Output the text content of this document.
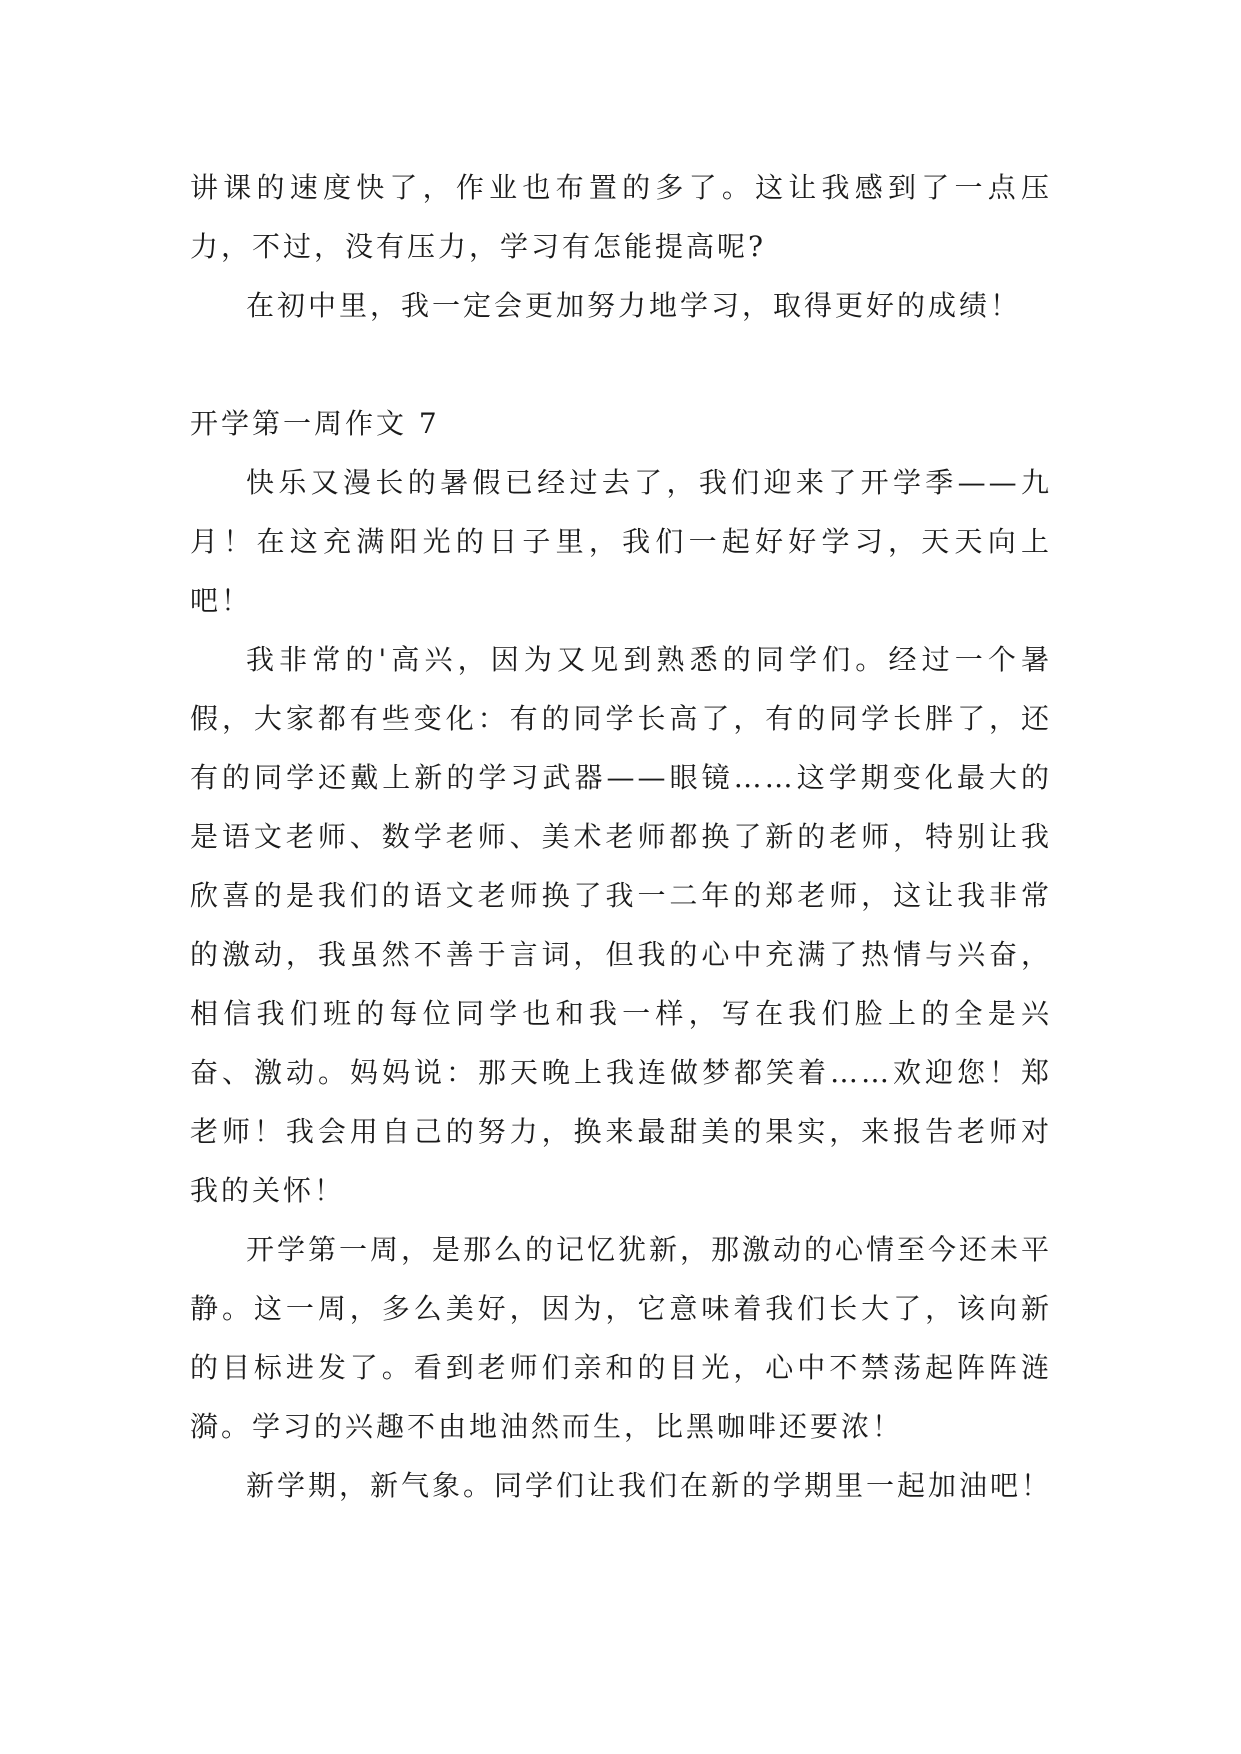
讲课的速度快了，作业也布置的多了。这让我感到了一点压力，不过，没有压力，学习有怎能提高呢?

在初中里，我一定会更加努力地学习，取得更好的成绩！

开学第一周作文 7

快乐又漫长的暑假已经过去了，我们迎来了开学季——九月！在这充满阳光的日子里，我们一起好好学习，天天向上吧！

我非常的'高兴，因为又见到熟悉的同学们。经过一个暑假，大家都有些变化：有的同学长高了，有的同学长胖了，还有的同学还戴上新的学习武器——眼镜……这学期变化最大的是语文老师、数学老师、美术老师都换了新的老师，特别让我欣喜的是我们的语文老师换了我一二年的郑老师，这让我非常的激动，我虽然不善于言词，但我的心中充满了热情与兴奋，相信我们班的每位同学也和我一样，写在我们脸上的全是兴奋、激动。妈妈说：那天晚上我连做梦都笑着……欢迎您！郑老师！我会用自己的努力，换来最甜美的果实，来报告老师对我的关怀！

开学第一周，是那么的记忆犹新，那激动的心情至今还未平静。这一周，多么美好，因为，它意味着我们长大了，该向新的目标进发了。看到老师们亲和的目光，心中不禁荡起阵阵涟漪。学习的兴趣不由地油然而生，比黑咖啡还要浓！

新学期，新气象。同学们让我们在新的学期里一起加油吧！
